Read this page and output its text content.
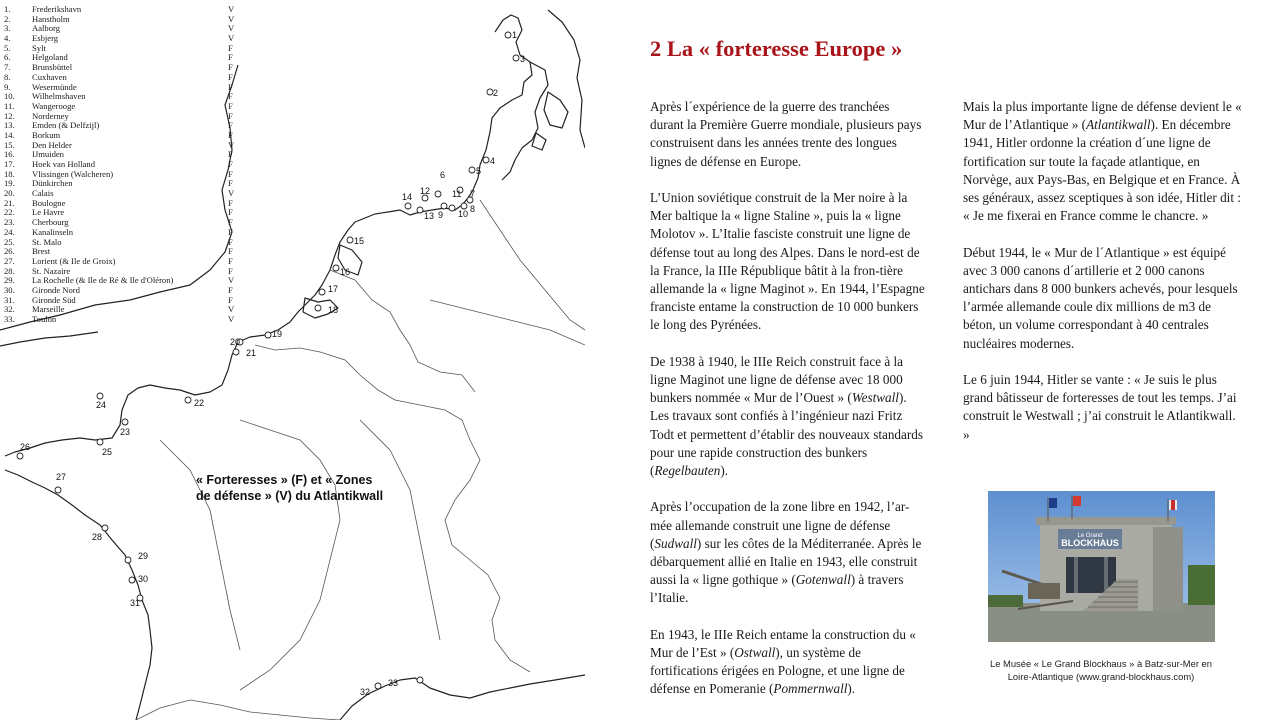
1
2
3
4
5
6
7
8
9 10
11
12
13
14
15
16
17
18
19
20
21
22
23
24
25
26
27
28
29
30
31
32
33
1.	Frederikshavn	V
2.	Hanstholm	V
3.	Aalborg	V
4.	Esbjerg	V
5.	Sylt	F
6.	Helgoland	F
7.	Brunsbüttel	F
8.	Cuxhaven	F
9.	Wesermünde	F
10.	Wilhelmshaven	F
11.	Wangerooge	F
12.	Norderney	F
13.	Emden (& Delfzijl)	F
14.	Borkum	F
15.	Den Helder	V
16.	IJmuiden	F
17.	Hoek van Holland	F
18.	Vlissingen (Walcheren)	F
19.	Dünkirchen	F
20.	Calais	V
21.	Boulogne	F
22.	Le Havre	F
23.	Cherbourg	F
24.	Kanalinseln	F
25.	St. Malo	F
26.	Brest	F
27.	Lorient (& Ile de Groix)	F
28.	St. Nazaire	F
29.	La Rochelle (& Ile de Ré & Ile d'Oléron)	V
30.	Gironde Nord	F
31.	Gironde Süd	F
32.	Marseille	V
33.	Toulon	V
« Forteresses » (F) et « Zones
de défense » (V) du Atlantikwall
2 La « forteresse Europe »

Après l´expérience de la guerre des tranchées durant la Première Guerre mondiale, plusieurs pays construisent dans les années trente des longues lignes de défense en Europe.

L’Union soviétique construit de la Mer noire à la Mer baltique la « ligne Staline », puis la « ligne Molotov ». L’Italie fasciste construit une ligne de défense tout au long des Alpes. Dans le nord-est de la France, la IIIe République bâtit à la fron-tière allemande la « ligne Maginot ». En 1944, l’Espagne franciste entame la construction de 10 000 bunkers le long des Pyrénées.

De 1938 à 1940, le IIIe Reich construit face à la ligne Maginot une ligne de défense avec 18 000 bunkers nommée « Mur de l’Ouest » (Westwall). Les travaux sont confiés à l’ingénieur nazi Fritz Todt et permettent d’établir des nouveaux standards pour une rapide construction des bunkers (Regelbauten).

Après l’occupation de la zone libre en 1942, l’ar-mée allemande construit une ligne de défense (Sudwall) sur les côtes de la Méditerranée. Après le débarquement allié en Italie en 1943, elle construit aussi la « ligne gothique » (Gotenwall) à travers l’Italie.

En 1943, le IIIe Reich entame la construction du « Mur de l’Est » (Ostwall), un système de fortifications érigées en Pologne, et une ligne de défense en Pomeranie (Pommernwall).

Mais la plus importante ligne de défense devient le « Mur de l’Atlantique » (Atlantikwall). En décembre 1941, Hitler ordonne la création d´une ligne de fortification sur toute la façade atlantique, en Norvège, aux Pays-Bas, en Belgique et en France. À ses généraux, assez sceptiques à son idée, Hitler dit : « Je me fixerai en France comme le chancre. »

Début 1944, le « Mur de l´Atlantique » est équipé avec 3 000 canons d´artillerie et 2 000 canons antichars dans 8 000 bunkers achevés, pour lesquels l’armée allemande coule dix millions de m3 de béton, un volume correspondant à 40 centrales nucléaires modernes.

Le 6 juin 1944, Hitler se vante : « Je suis le plus grand bâtisseur de forteresses de tout les temps. J’ai construit le Westwall ; j’ai construit le Atlantikwall. »

Le Grand
BLOCKHAUS
Le Musée « Le Grand Blockhaus » à Batz-sur-Mer en
Loire-Atlantique (www.grand-blockhaus.com)
